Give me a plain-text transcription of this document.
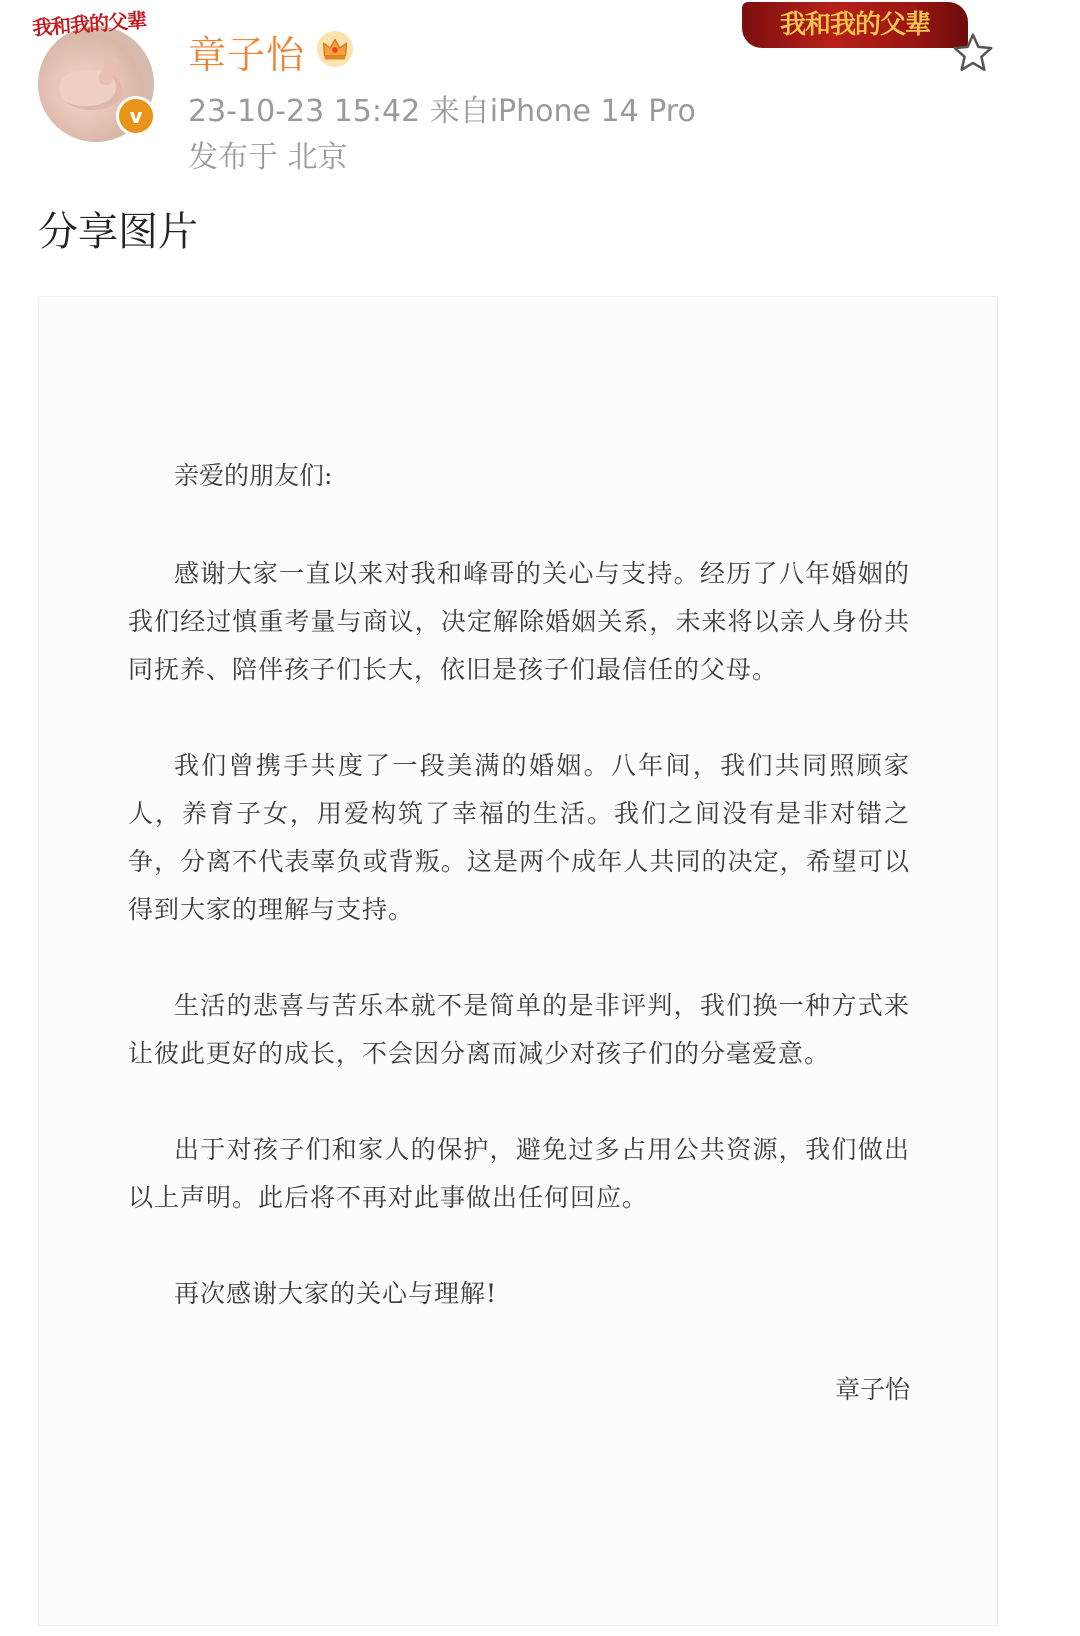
我和我的父辈
v
章子怡
23-10-23 15:42 来自iPhone 14 Pro
发布于 北京
我和我的父辈
分享图片
亲爱的朋友们:

感谢大家一直以来对我和峰哥的关心与支持。经历了八年婚姻的我们经过慎重考量与商议，决定解除婚姻关系，未来将以亲人身份共同抚养、陪伴孩子们长大，依旧是孩子们最信任的父母。

我们曾携手共度了一段美满的婚姻。八年间，我们共同照顾家人，养育子女，用爱构筑了幸福的生活。我们之间没有是非对错之争，分离不代表辜负或背叛。这是两个成年人共同的决定，希望可以得到大家的理解与支持。

生活的悲喜与苦乐本就不是简单的是非评判，我们换一种方式来让彼此更好的成长，不会因分离而减少对孩子们的分毫爱意。

出于对孩子们和家人的保护，避免过多占用公共资源，我们做出以上声明。此后将不再对此事做出任何回应。

再次感谢大家的关心与理解!

章子怡
